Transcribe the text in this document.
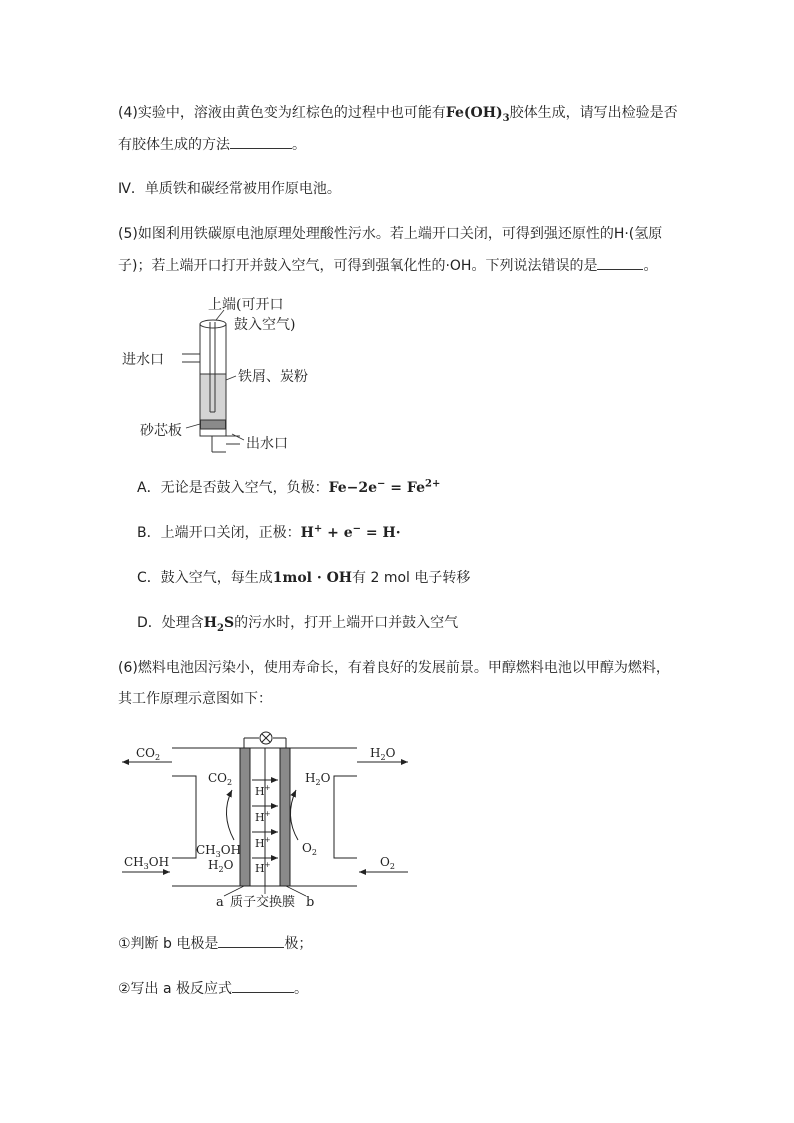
(4)实验中，溶液由黄色变为红棕色的过程中也可能有$Fe(OH)_3$胶体生成，请写出检验是否
有胶体生成的方法	。
Ⅳ．单质铁和碳经常被用作原电池。
(5)如图利用铁碳原电池原理处理酸性污水。若上端开口关闭，可得到强还原性的H·(氢原
子)；若上端开口打开并鼓入空气，可得到强氧化性的·OH。下列说法错误的是	。
上端(可开口
鼓入空气)
进水口
铁屑、炭粉
砂芯板
出水口
A．无论是否鼓入空气，负极：$Fe-2e^- = Fe^{2+}$
B．上端开口关闭，正极：H+ + e− = H·
C．鼓入空气，每生成1mol · OH有 2 mol 电子转移
D．处理含$H_2S$的污水时，打开上端开口并鼓入空气
(6)燃料电池因污染小，使用寿命长，有着良好的发展前景。甲醇燃料电池以甲醇为燃料，
其工作原理示意图如下：
H+
H+
H+
H+
$CO_2$	$H_2O$
$CO_2$	$H_2O$
$CH_3OH$
$H_2O$
$O_2$
$CH_3OH$	$O_2$
a 质子交换膜 b
①判断 b 电极是	极；
②写出 a 极反应式	。
